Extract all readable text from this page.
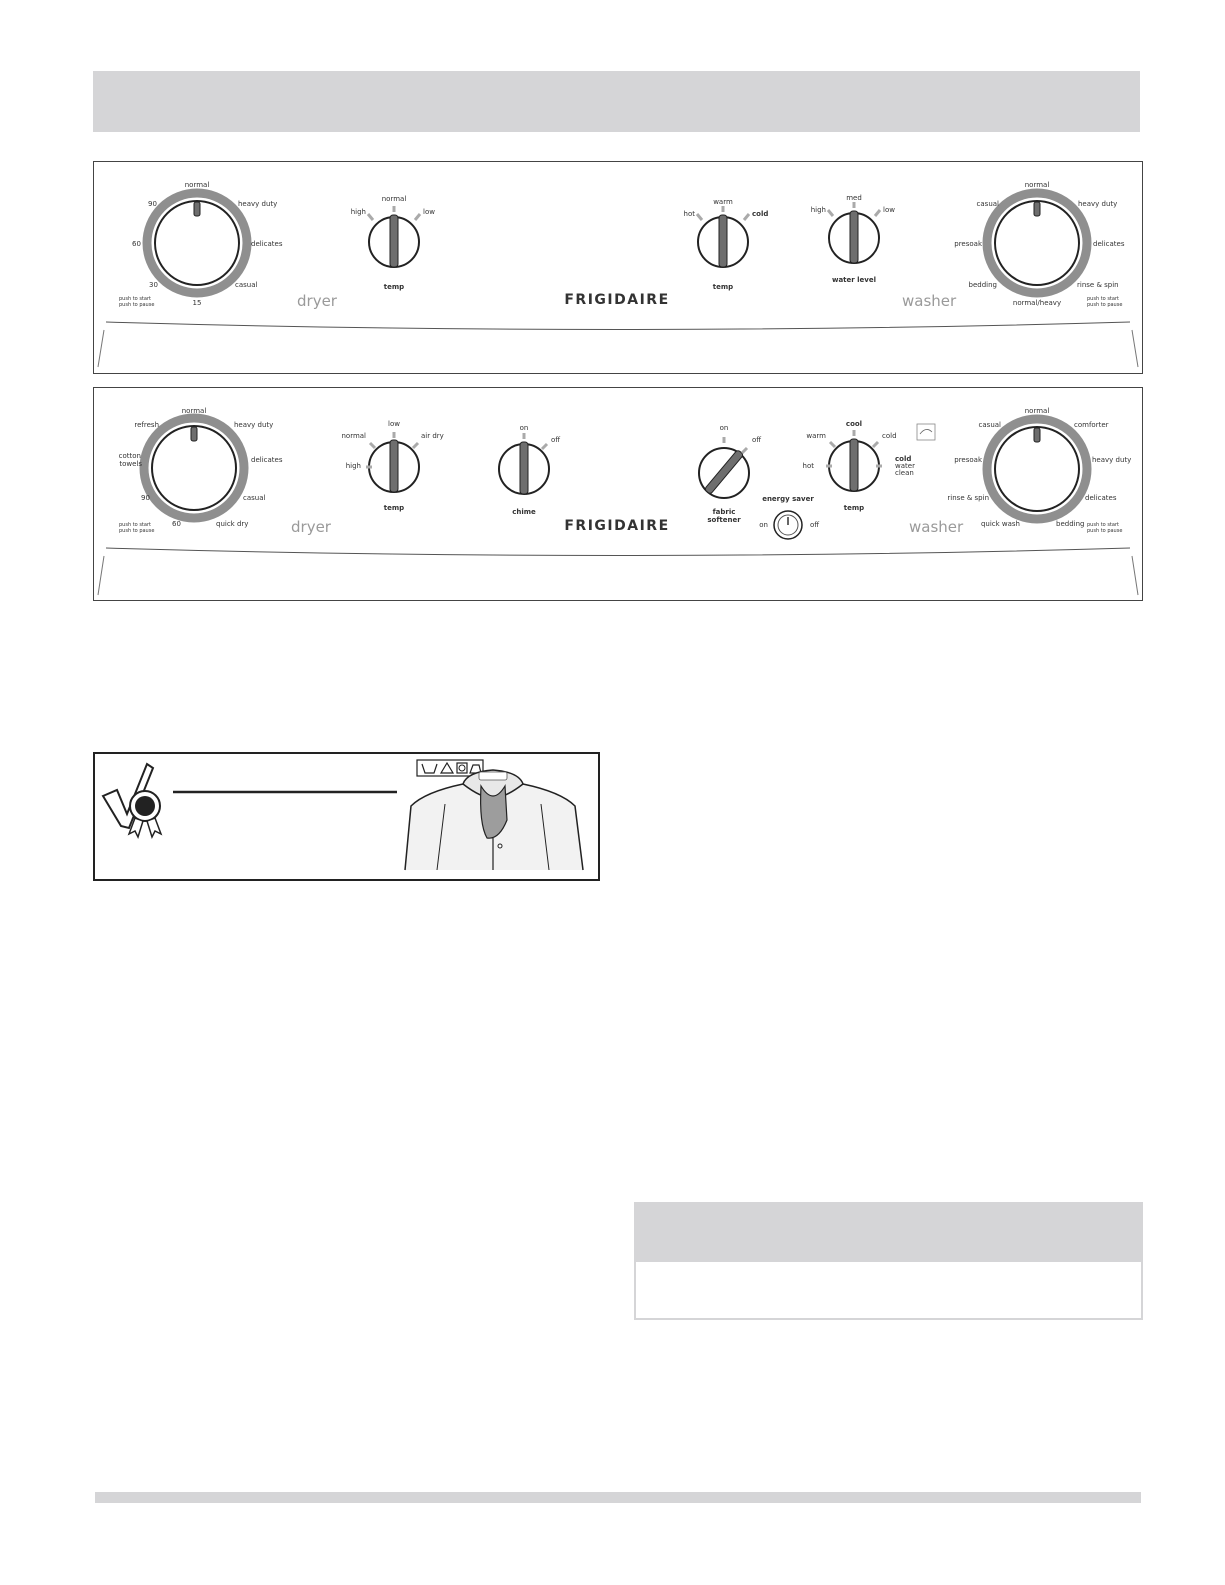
normal
90	heavy duty
60	delicates
30	casual
15
push to start
push to pause
high
normal
low
temp
dryer	FRIGIDAIRE
hot
warm
cold
temp
high
med
low
water level
washer
normal
casual	heavy duty
presoak	delicates
bedding	rinse & spin
normal/heavy	push to start
push to pause
normal
refresh	heavy duty
cotton
towels	delicates
90	casual
60	quick dry
push to start
push to pause
low
normal	air dry
high
temp
on
off
chime
dryer	FRIGIDAIRE
on
off
fabric
softener
energy saver
on	off
cool
warm	cold
hot
cold
water
clean
temp
washer
normal
casual	comforter
presoak	heavy duty
rinse & spin	delicates
quick wash	bedding push to start
push to pause
